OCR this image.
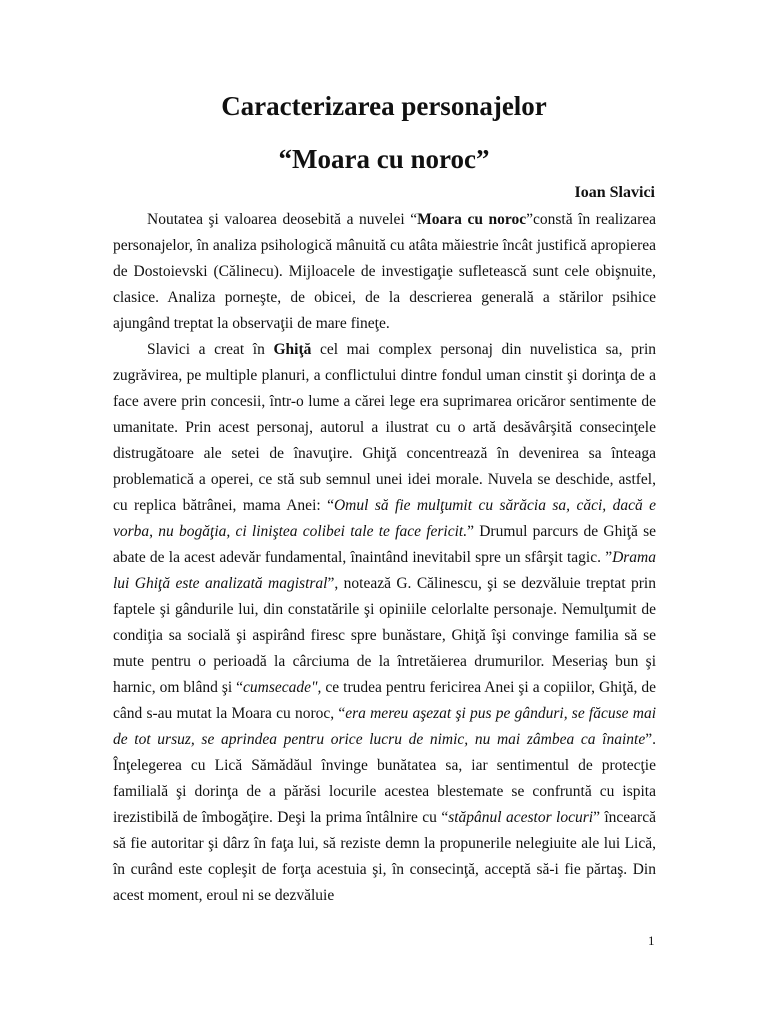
Caracterizarea personajelor
“Moara cu noroc”
Ioan Slavici

Noutatea şi valoarea deosebită a nuvelei “Moara cu noroc”constă în realizarea personajelor, în analiza psihologică mânuită cu atâta măiestrie încât justifică apropierea de Dostoievski (Călinecu). Mijloacele de investigaţie sufletească sunt cele obişnuite, clasice. Analiza porneşte, de obicei, de la descrierea generală a stărilor psihice ajungând treptat la observaţii de mare fineţe.

Slavici a creat în Ghiţă cel mai complex personaj din nuvelistica sa, prin zugrăvirea, pe multiple planuri, a conflictului dintre fondul uman cinstit şi dorinţa de a face avere prin concesii, într-o lume a cărei lege era suprimarea oricăror sentimente de umanitate. Prin acest personaj, autorul a ilustrat cu o artă desăvârşită consecinţele distrugătoare ale setei de înavuţire. Ghiţă concentrează în devenirea sa înteaga problematică a operei, ce stă sub semnul unei idei morale. Nuvela se deschide, astfel, cu replica bătrânei, mama Anei: “Omul să fie mulţumit cu sărăcia sa, căci, dacă e vorba, nu bogăţia, ci liniştea colibei tale te face fericit.” Drumul parcurs de Ghiţă se abate de la acest adevăr fundamental, înaintând inevitabil spre un sfârşit tagic. ”Drama lui Ghiţă este analizată magistral”, notează G. Călinescu, şi se dezvăluie treptat prin faptele şi gândurile lui, din constatările şi opiniile celorlalte personaje. Nemulţumit de condiţia sa socială şi aspirând firesc spre bunăstare, Ghiţă îşi convinge familia să se mute pentru o perioadă la cârciuma de la întretăierea drumurilor. Meseriaş bun şi harnic, om blând şi “cumsecade", ce trudea pentru fericirea Anei şi a copiilor, Ghiţă, de când s-au mutat la Moara cu noroc, “era mereu aşezat şi pus pe gânduri, se făcuse mai de tot ursuz, se aprindea pentru orice lucru de nimic, nu mai zâmbea ca înainte”. Înţelegerea cu Lică Sămădăul învinge bunătatea sa, iar sentimentul de protecţie familială şi dorinţa de a părăsi locurile acestea blestemate se confruntă cu ispita irezistibilă de îmbogăţire. Deşi la prima întâlnire cu “stăpânul acestor locuri” încearcă să fie autoritar şi dârz în faţa lui, să reziste demn la propunerile nelegiuite ale lui Lică, în curând este copleşit de forţa acestuia şi, în consecinţă, acceptă să-i fie părtaş. Din acest moment, eroul ni se dezvăluie

1
